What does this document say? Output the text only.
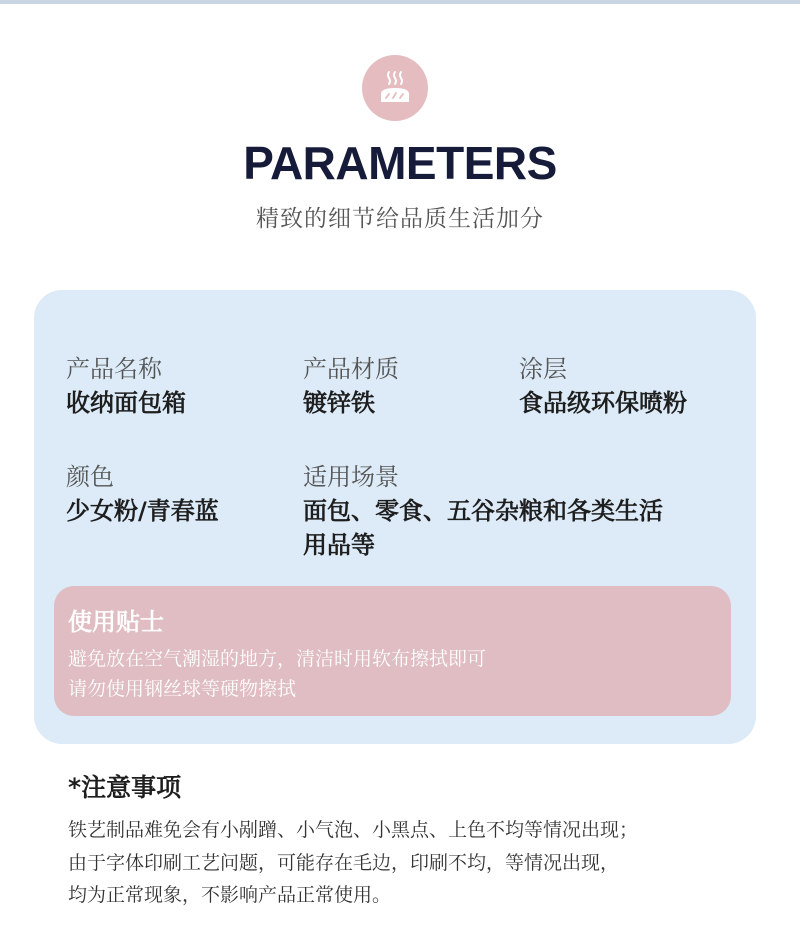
PARAMETERS
精致的细节给品质生活加分
产品名称
收纳面包箱
产品材质
镀锌铁
涂层
食品级环保喷粉
颜色
少女粉/青春蓝
适用场景
面包、零食、五谷杂粮和各类生活用品等
使用贴士
避免放在空气潮湿的地方，清洁时用软布擦拭即可
请勿使用钢丝球等硬物擦拭
*注意事项
铁艺制品难免会有小剐蹭、小气泡、小黑点、上色不均等情况出现；
由于字体印刷工艺问题，可能存在毛边，印刷不均，等情况出现，
均为正常现象，不影响产品正常使用。
